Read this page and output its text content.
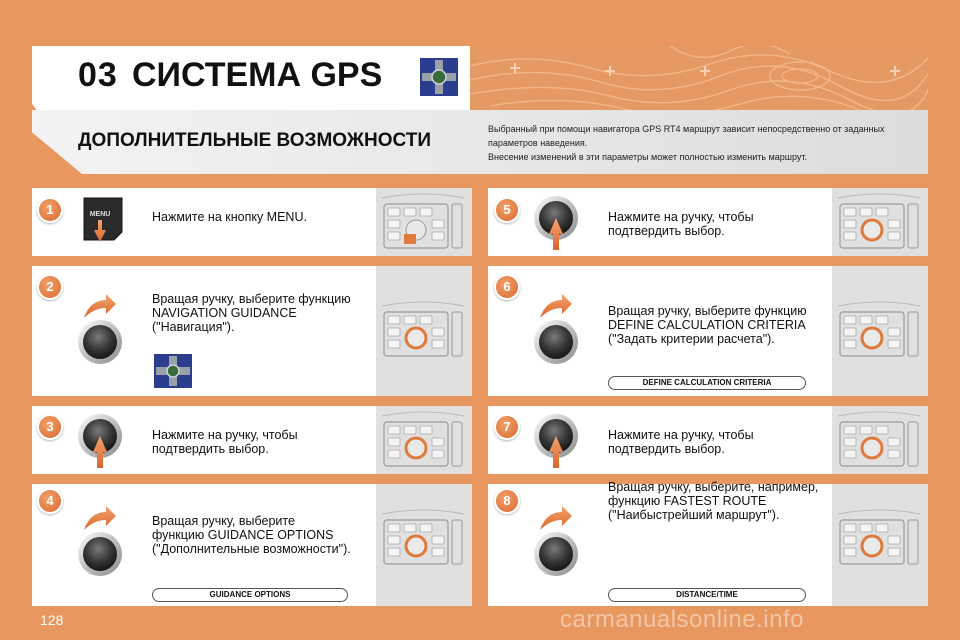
03 СИСТЕМА GPS
ДОПОЛНИТЕЛЬНЫЕ ВОЗМОЖНОСТИ
Выбранный при помощи навигатора GPS RT4 маршрут зависит непосредственно от заданных
параметров наведения.
Внесение изменений в эти параметры может полностью изменить маршрут.
1	MENU	Нажмите на кнопку MENU.
2
Вращая ручку, выберите функцию
NAVIGATION GUIDANCE
("Навигация").
3
Нажмите на ручку, чтобы
подтвердить выбор.
4
Вращая ручку, выберите
функцию GUIDANCE OPTIONS
("Дополнительные возможности").
GUIDANCE OPTIONS
5	Нажмите на ручку, чтобы
подтвердить выбор.
6
Вращая ручку, выберите функцию
DEFINE CALCULATION CRITERIA
("Задать критерии расчета").
DEFINE CALCULATION CRITERIA
7
Нажмите на ручку, чтобы
подтвердить выбор.
8
Вращая ручку, выберите, например,
функцию FASTEST ROUTE
("Наибыстрейший маршрут").
DISTANCE/TIME
128	carmanualsonline.info
